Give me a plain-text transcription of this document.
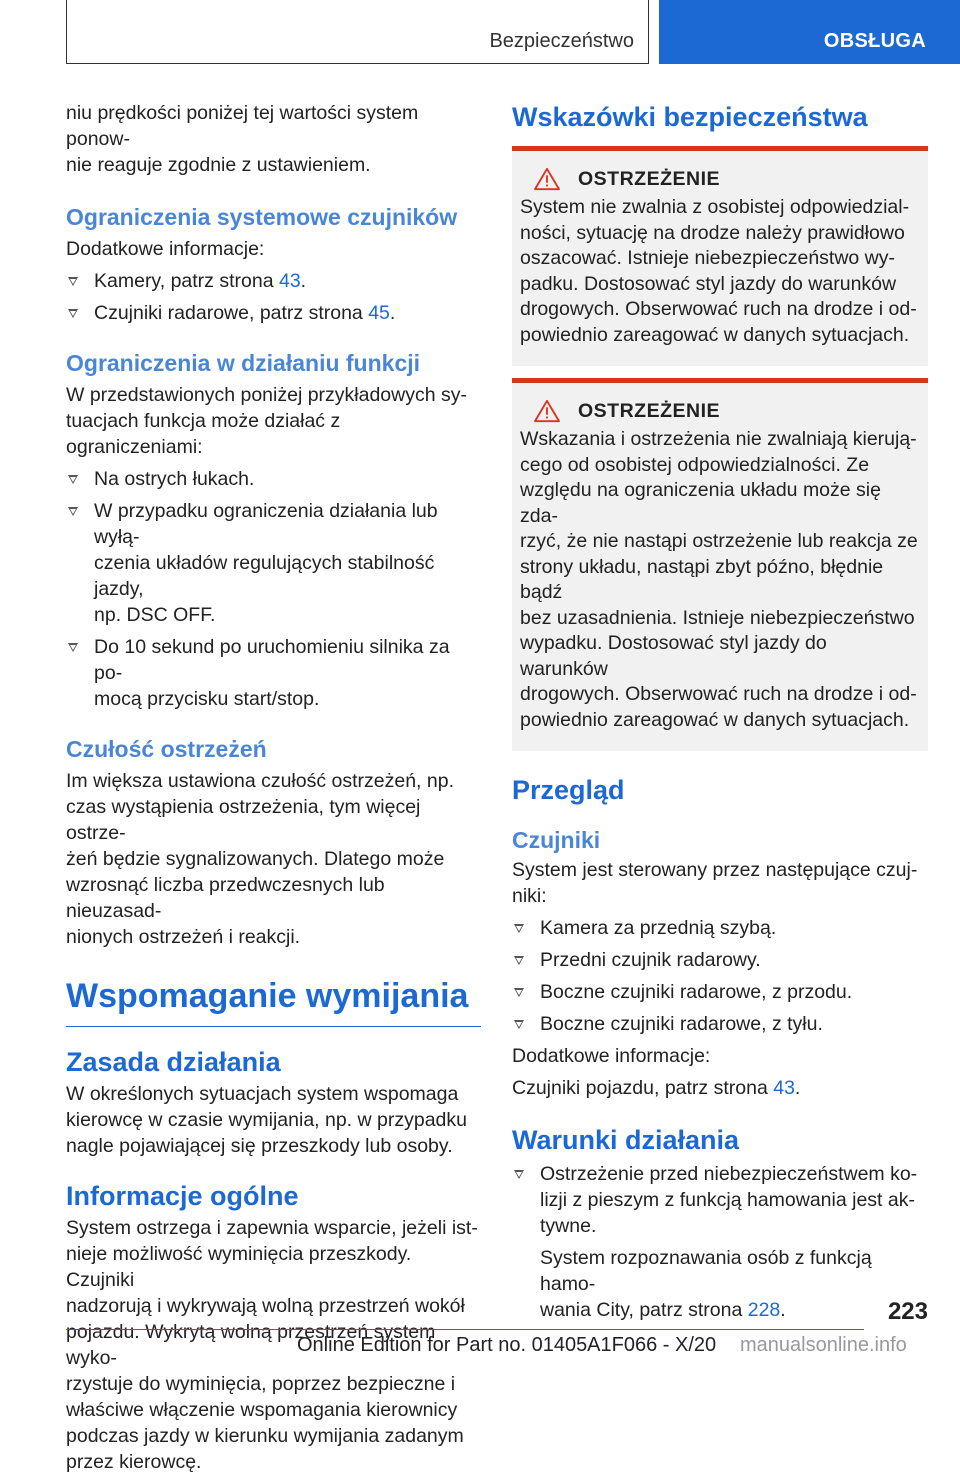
Bezpieczeństwo	OBSŁUGA

niu prędkości poniżej tej wartości system ponow-
nie reaguje zgodnie z ustawieniem.

Ograniczenia systemowe czujników

Dodatkowe informacje:

Kamery, patrz strona 43.
Czujniki radarowe, patrz strona 45.
Ograniczenia w działaniu funkcji

W przedstawionych poniżej przykładowych sy-
tuacjach funkcja może działać z ograniczeniami:

Na ostrych łukach.
W przypadku ograniczenia działania lub wyłą-
czenia układów regulujących stabilność jazdy,
np. DSC OFF.
Do 10 sekund po uruchomieniu silnika za po-
mocą przycisku start/stop.
Czułość ostrzeżeń

Im większa ustawiona czułość ostrzeżeń, np.
czas wystąpienia ostrzeżenia, tym więcej ostrze-
żeń będzie sygnalizowanych. Dlatego może
wzrosnąć liczba przedwczesnych lub nieuzasad-
nionych ostrzeżeń i reakcji.

Wspomaganie wymijania
Zasada działania

W określonych sytuacjach system wspomaga
kierowcę w czasie wymijania, np. w przypadku
nagle pojawiającej się przeszkody lub osoby.

Informacje ogólne

System ostrzega i zapewnia wsparcie, jeżeli ist-
nieje możliwość wyminięcia przeszkody. Czujniki
nadzorują i wykrywają wolną przestrzeń wokół
pojazdu. Wykrytą wolną przestrzeń system wyko-
rzystuje do wyminięcia, poprzez bezpieczne i
właściwe włączenie wspomagania kierownicy
podczas jazdy w kierunku wymijania zadanym
przez kierowcę.

Wskazówki bezpieczeństwa
OSTRZEŻENIE

System nie zwalnia z osobistej odpowiedzial-
ności, sytuację na drodze należy prawidłowo
oszacować. Istnieje niebezpieczeństwo wy-
padku. Dostosować styl jazdy do warunków
drogowych. Obserwować ruch na drodze i od-
powiednio zareagować w danych sytuacjach.

OSTRZEŻENIE

Wskazania i ostrzeżenia nie zwalniają kierują-
cego od osobistej odpowiedzialności. Ze
względu na ograniczenia układu może się zda-
rzyć, że nie nastąpi ostrzeżenie lub reakcja ze
strony układu, nastąpi zbyt późno, błędnie bądź
bez uzasadnienia. Istnieje niebezpieczeństwo
wypadku. Dostosować styl jazdy do warunków
drogowych. Obserwować ruch na drodze i od-
powiednio zareagować w danych sytuacjach.

Przegląd
Czujniki

System jest sterowany przez następujące czuj-
niki:

Kamera za przednią szybą.
Przedni czujnik radarowy.
Boczne czujniki radarowe, z przodu.
Boczne czujniki radarowe, z tyłu.

Dodatkowe informacje:

Czujniki pojazdu, patrz strona 43.

Warunki działania
Ostrzeżenie przed niebezpieczeństwem ko-
lizji z pieszym z funkcją hamowania jest ak-
tywne.
System rozpoznawania osób z funkcją hamo-
wania City, patrz strona 228.	223
Online Edition for Part no. 01405A1F066 - X/20 manualsonline.info
